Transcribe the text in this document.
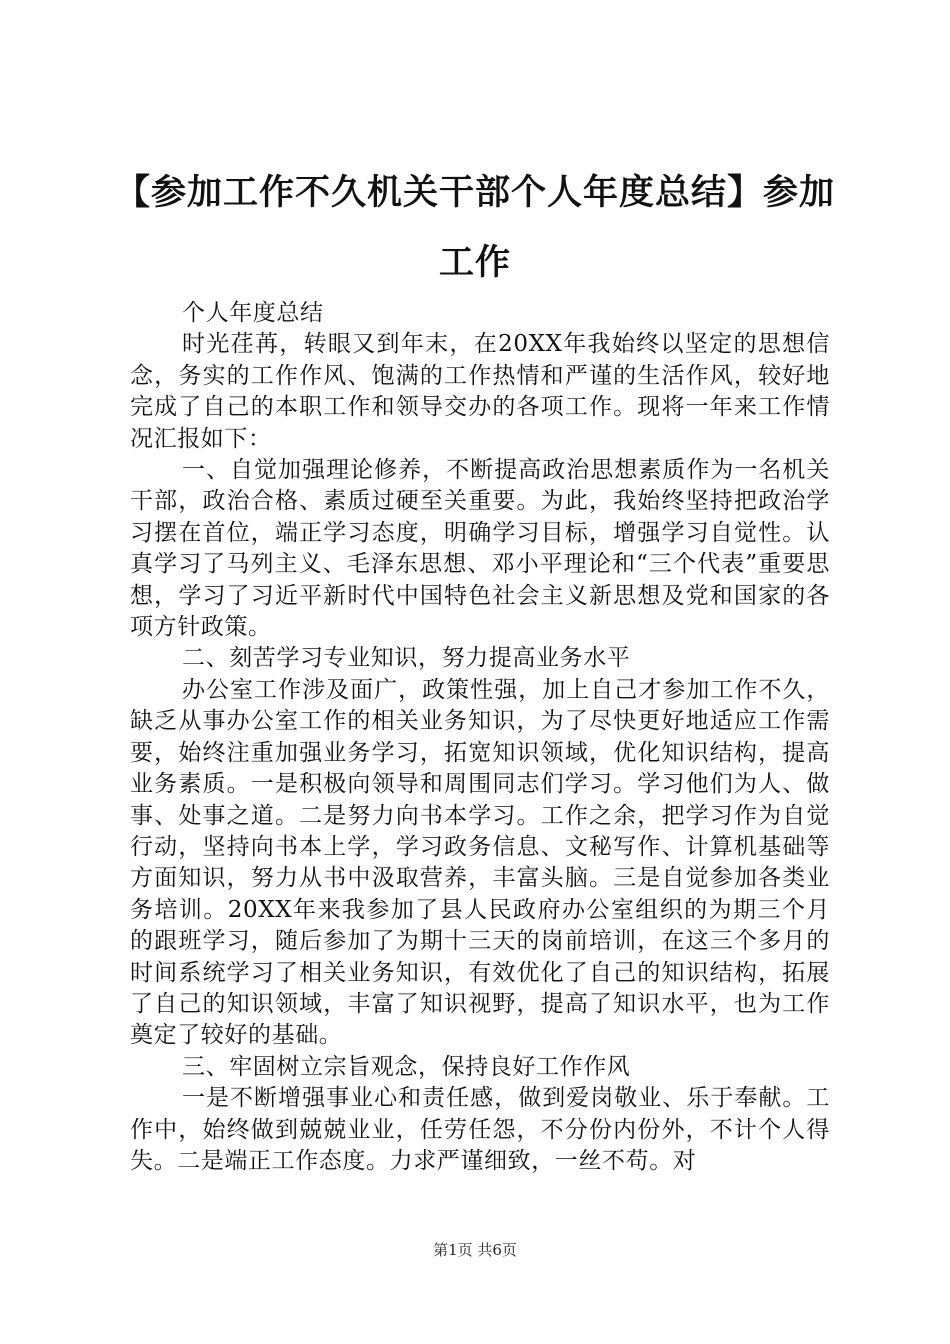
【参加工作不久机关干部个人年度总结】参加工作

个人年度总结

时光荏苒，转眼又到年末，在20XX年我始终以坚定的思想信念，务实的工作作风、饱满的工作热情和严谨的生活作风，较好地完成了自己的本职工作和领导交办的各项工作。现将一年来工作情况汇报如下：

一、自觉加强理论修养，不断提高政治思想素质作为一名机关干部，政治合格、素质过硬至关重要。为此，我始终坚持把政治学习摆在首位，端正学习态度，明确学习目标，增强学习自觉性。认真学习了马列主义、毛泽东思想、邓小平理论和“三个代表”重要思想，学习了习近平新时代中国特色社会主义新思想及党和国家的各项方针政策。

二、刻苦学习专业知识，努力提高业务水平

办公室工作涉及面广，政策性强，加上自己才参加工作不久，缺乏从事办公室工作的相关业务知识，为了尽快更好地适应工作需要，始终注重加强业务学习，拓宽知识领域，优化知识结构，提高业务素质。一是积极向领导和周围同志们学习。学习他们为人、做事、处事之道。二是努力向书本学习。工作之余，把学习作为自觉行动，坚持向书本上学，学习政务信息、文秘写作、计算机基础等方面知识，努力从书中汲取营养，丰富头脑。三是自觉参加各类业务培训。20XX年来我参加了县人民政府办公室组织的为期三个月的跟班学习，随后参加了为期十三天的岗前培训，在这三个多月的时间系统学习了相关业务知识，有效优化了自己的知识结构，拓展了自己的知识领域，丰富了知识视野，提高了知识水平，也为工作奠定了较好的基础。

三、牢固树立宗旨观念，保持良好工作作风

一是不断增强事业心和责任感，做到爱岗敬业、乐于奉献。工作中，始终做到兢兢业业，任劳任怨，不分份内份外，不计个人得失。二是端正工作态度。力求严谨细致，一丝不苟。对

第1页 共6页
